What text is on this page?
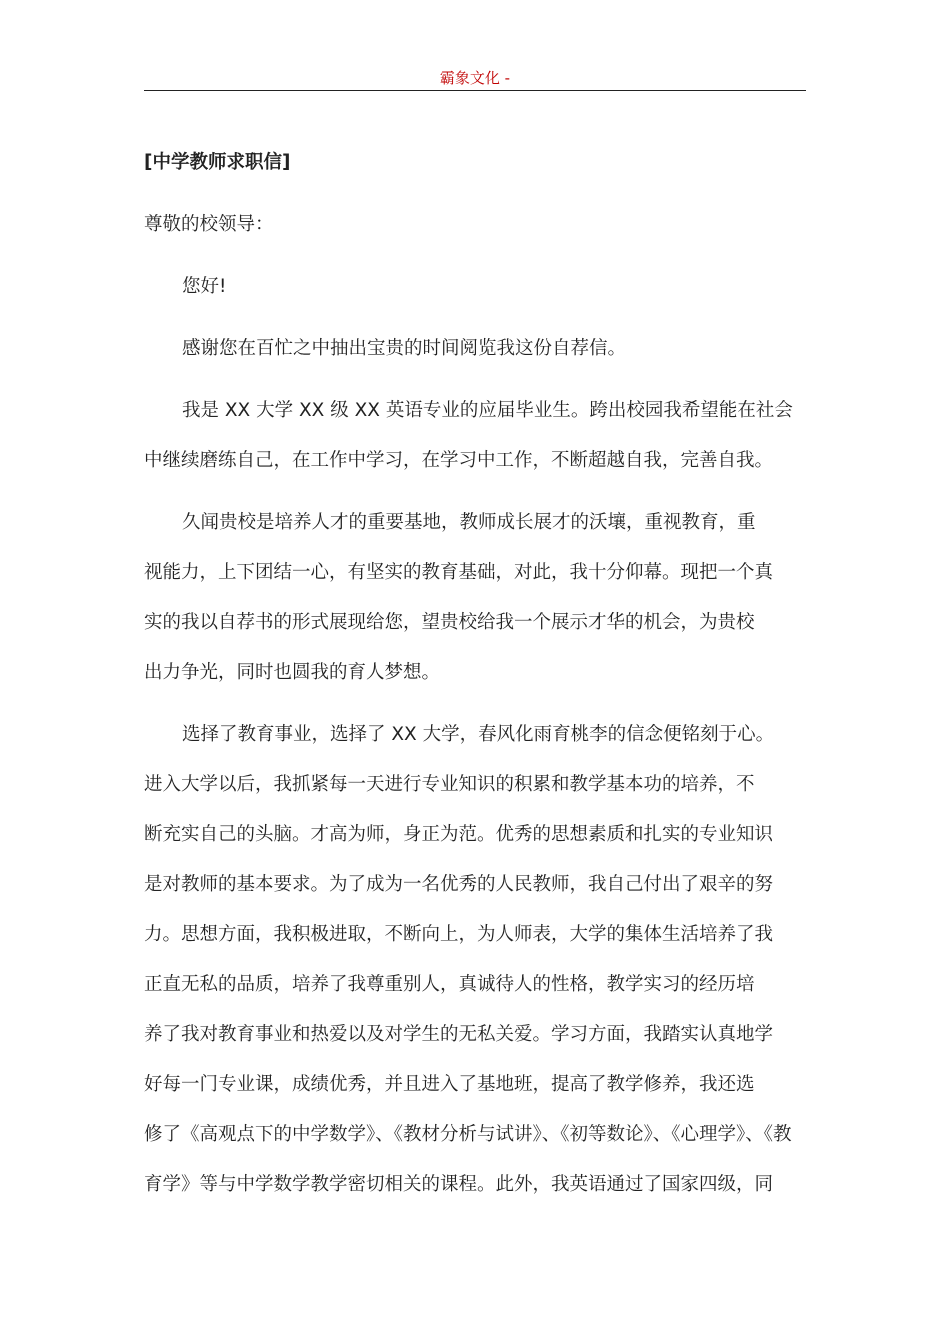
霸象文化 -

[中学教师求职信]

尊敬的校领导：

您好!

感谢您在百忙之中抽出宝贵的时间阅览我这份自荐信。

我是 XX 大学 XX 级 XX 英语专业的应届毕业生。跨出校园我希望能在社会

中继续磨练自己，在工作中学习，在学习中工作，不断超越自我，完善自我。

久闻贵校是培养人才的重要基地，教师成长展才的沃壤，重视教育，重

视能力，上下团结一心，有坚实的教育基础，对此，我十分仰幕。现把一个真

实的我以自荐书的形式展现给您，望贵校给我一个展示才华的机会，为贵校

出力争光，同时也圆我的育人梦想。

选择了教育事业，选择了 XX 大学，春风化雨育桃李的信念便铭刻于心。

进入大学以后，我抓紧每一天进行专业知识的积累和教学基本功的培养，不

断充实自己的头脑。才高为师，身正为范。优秀的思想素质和扎实的专业知识

是对教师的基本要求。为了成为一名优秀的人民教师，我自己付出了艰辛的努

力。思想方面，我积极进取，不断向上，为人师表，大学的集体生活培养了我

正直无私的品质，培养了我尊重别人，真诚待人的性格，教学实习的经历培

养了我对教育事业和热爱以及对学生的无私关爱。学习方面，我踏实认真地学

好每一门专业课，成绩优秀，并且进入了基地班，提高了教学修养，我还选

修了《高观点下的中学数学》、《教材分析与试讲》、《初等数论》、《心理学》、《教

育学》等与中学数学教学密切相关的课程。此外，我英语通过了国家四级，同
